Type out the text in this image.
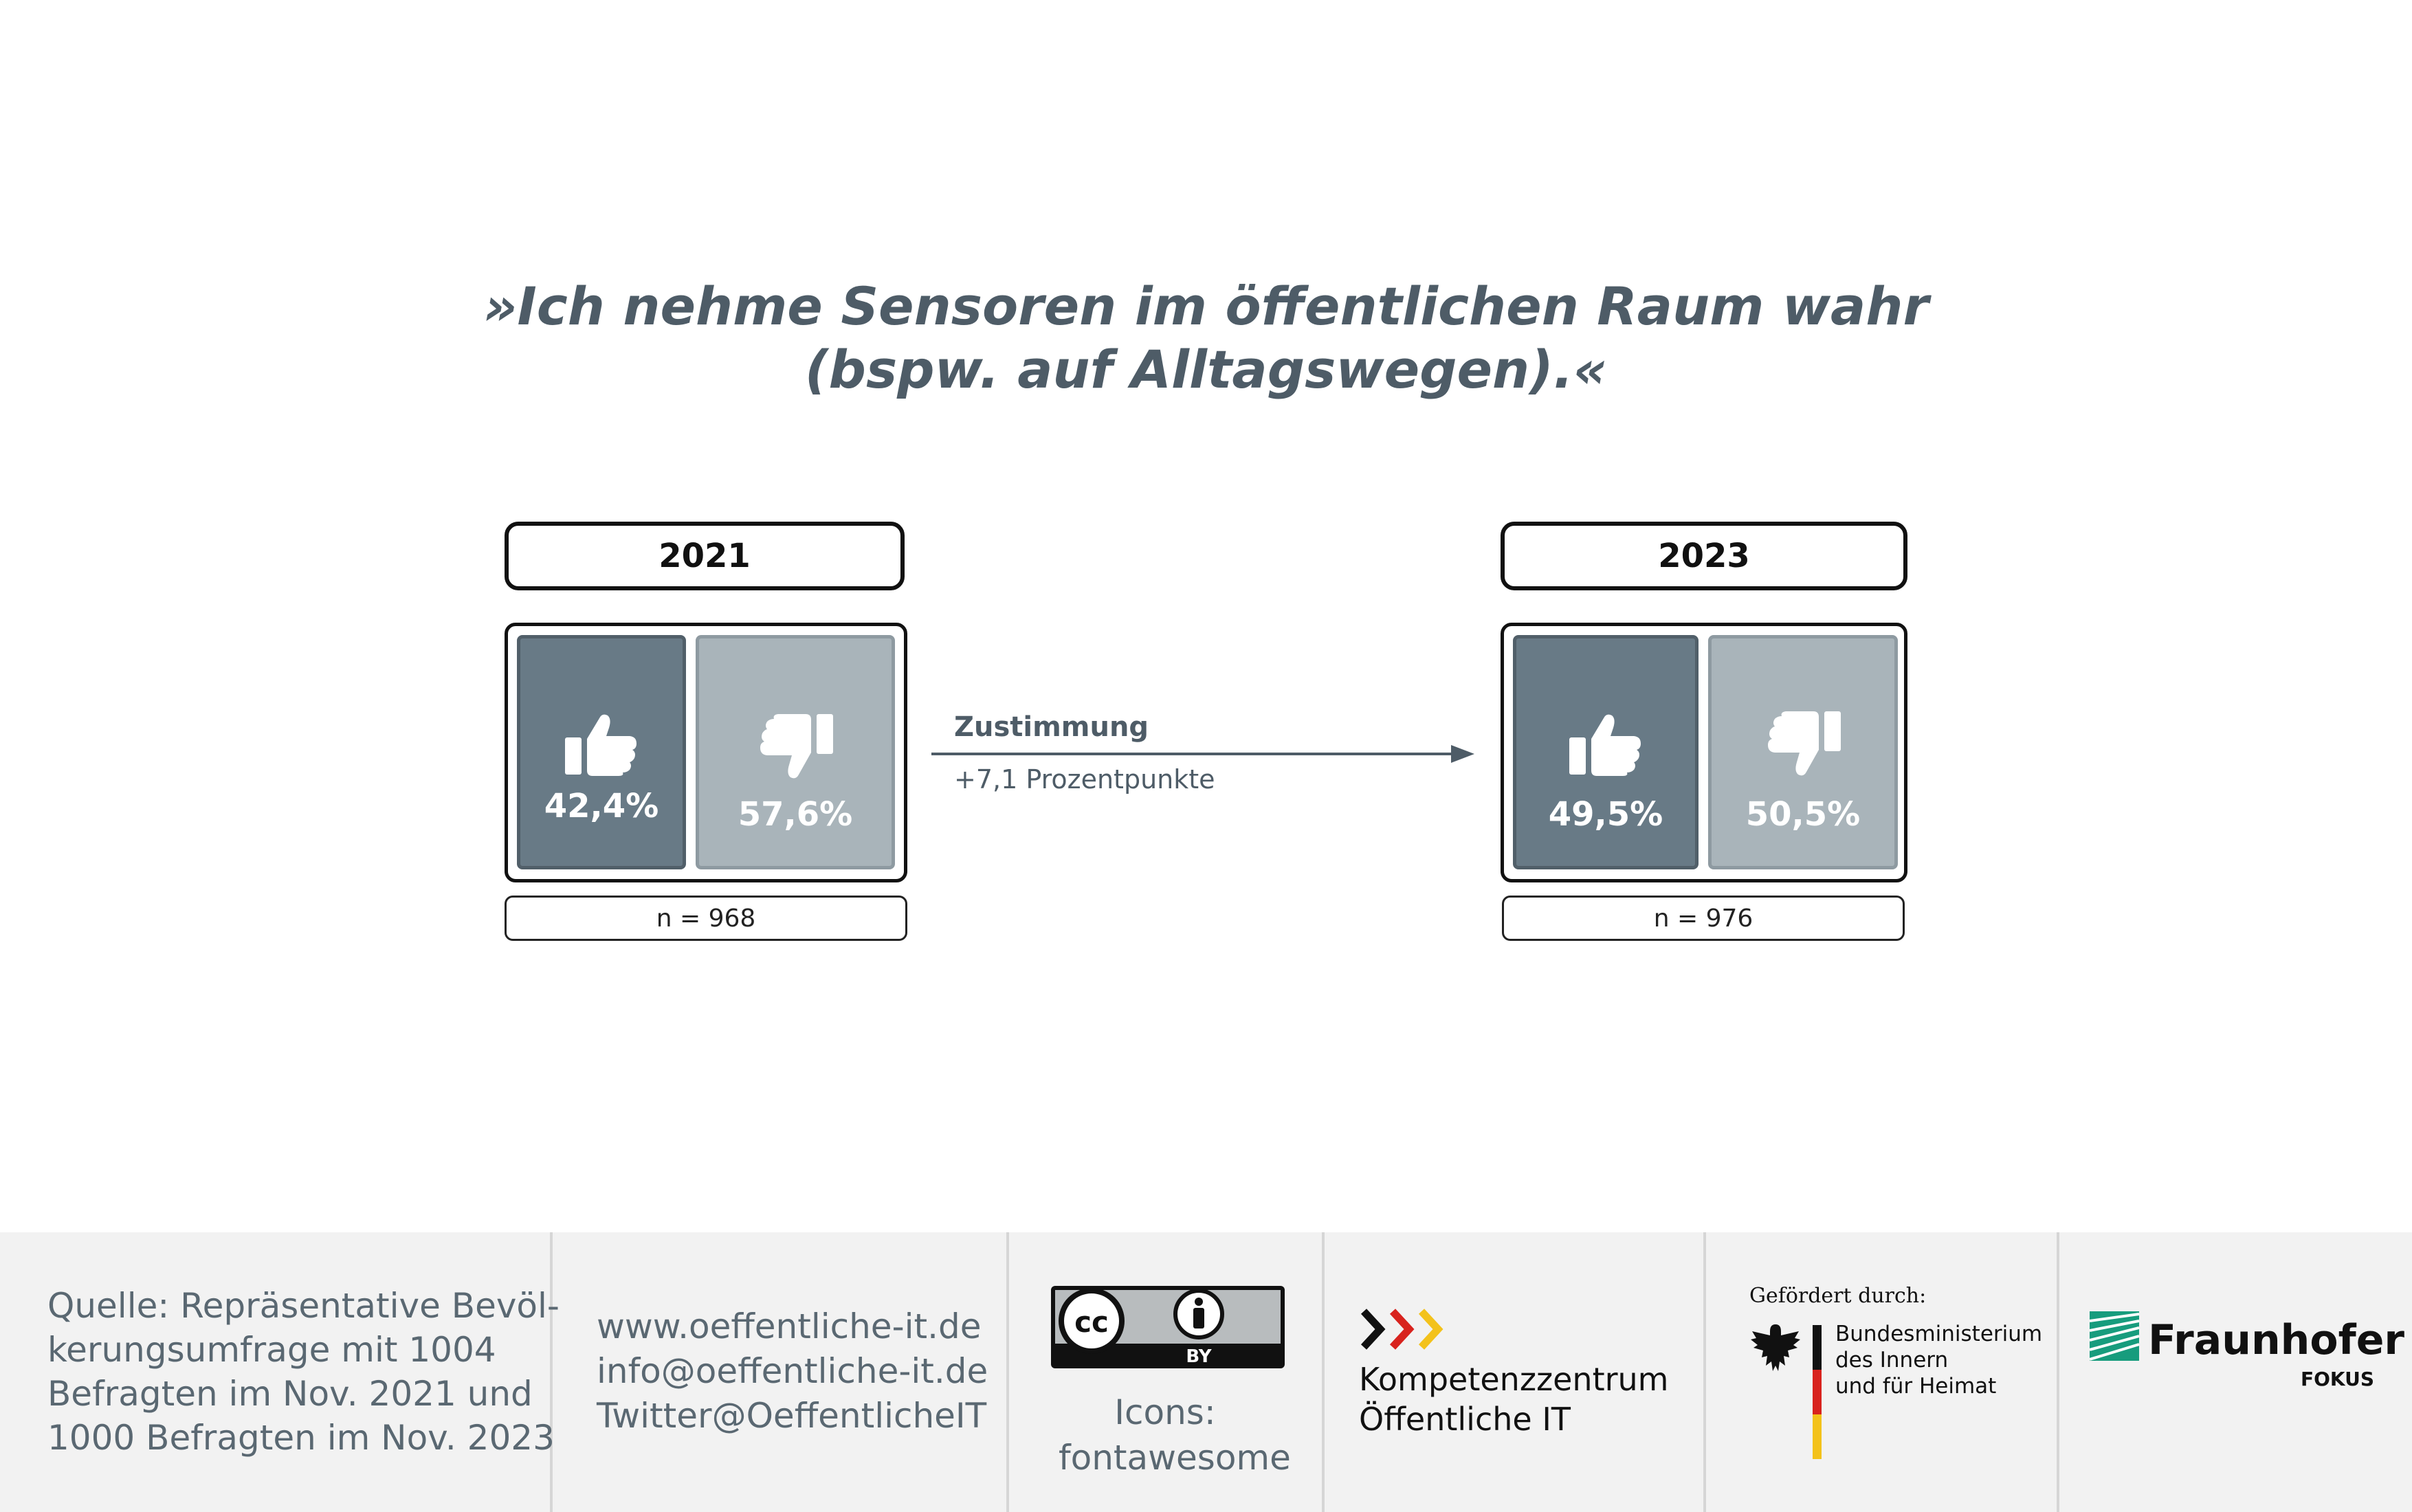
»Ich nehme Sensoren im öffentlichen Raum wahr
(bspw. auf Alltagswegen).«
2021
42,4%	57,6%
n = 968
Zustimmung
+7,1 Prozentpunkte
2023
49,5%	50,5%
n = 976
Quelle: Repräsentative Bevöl-
kerungsumfrage mit 1004
Befragten im Nov. 2021 und
1000 Befragten im Nov. 2023
www.oeffentliche-it.de
info@oeffentliche-it.de
Twitter@OeffentlicheIT
cc
BY
Icons:
fontawesome
Kompetenzzentrum
Öffentliche IT
Gefördert durch:
Bundesministerium
des Innern
und für Heimat
Fraunhofer
FOKUS
